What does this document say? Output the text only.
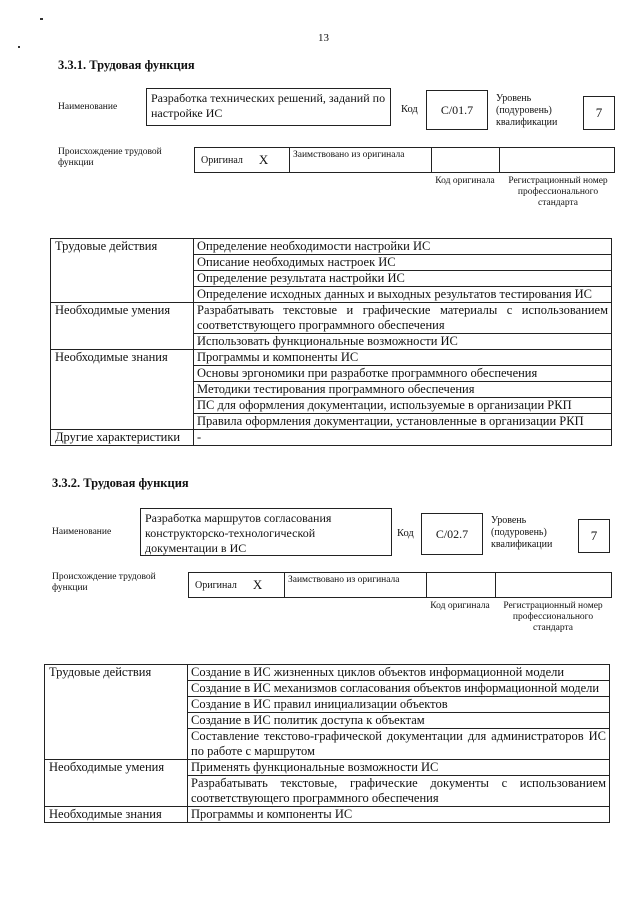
13
3.3.1. Трудовая функция
Наименование
Разработка технических решений, заданий по настройке ИС	Код	C/01.7
Уровень
(подуровень)
квалификации
7
Происхождение трудовой функции	Оригинал X	Заимствовано из оригинала
Код оригинала	Регистрационный номер профессионального стандарта
Трудовые действия	Определение необходимости настройки ИС
	Описание необходимых настроек ИС
	Определение результата настройки ИС
	Определение исходных данных и выходных результатов тестирования ИС
Необходимые умения	Разрабатывать текстовые и графические материалы с использованием соответствующего программного обеспечения
	Использовать функциональные возможности ИС
Необходимые знания	Программы и компоненты ИС
	Основы эргономики при разработке программного обеспечения
	Методики тестирования программного обеспечения
	ПС для оформления документации, используемые в организации РКП
	Правила оформления документации, установленные в организации РКП
Другие характеристики	-
3.3.2. Трудовая функция
Наименование
Разработка маршрутов согласования конструкторско-технологической документации в ИС
Код	C/02.7
Уровень
(подуровень)
квалификации
7
Происхождение трудовой функции	Оригинал X	Заимствовано из оригинала
Код оригинала	Регистрационный номер профессионального стандарта
Трудовые действия	Создание в ИС жизненных циклов объектов информационной модели
	Создание в ИС механизмов согласования объектов информационной модели
	Создание в ИС правил инициализации объектов
	Создание в ИС политик доступа к объектам
	Составление текстово-графической документации для администраторов ИС по работе с маршрутом
Необходимые умения	Применять функциональные возможности ИС
	Разрабатывать текстовые, графические документы с использованием соответствующего программного обеспечения
Необходимые знания	Программы и компоненты ИС
